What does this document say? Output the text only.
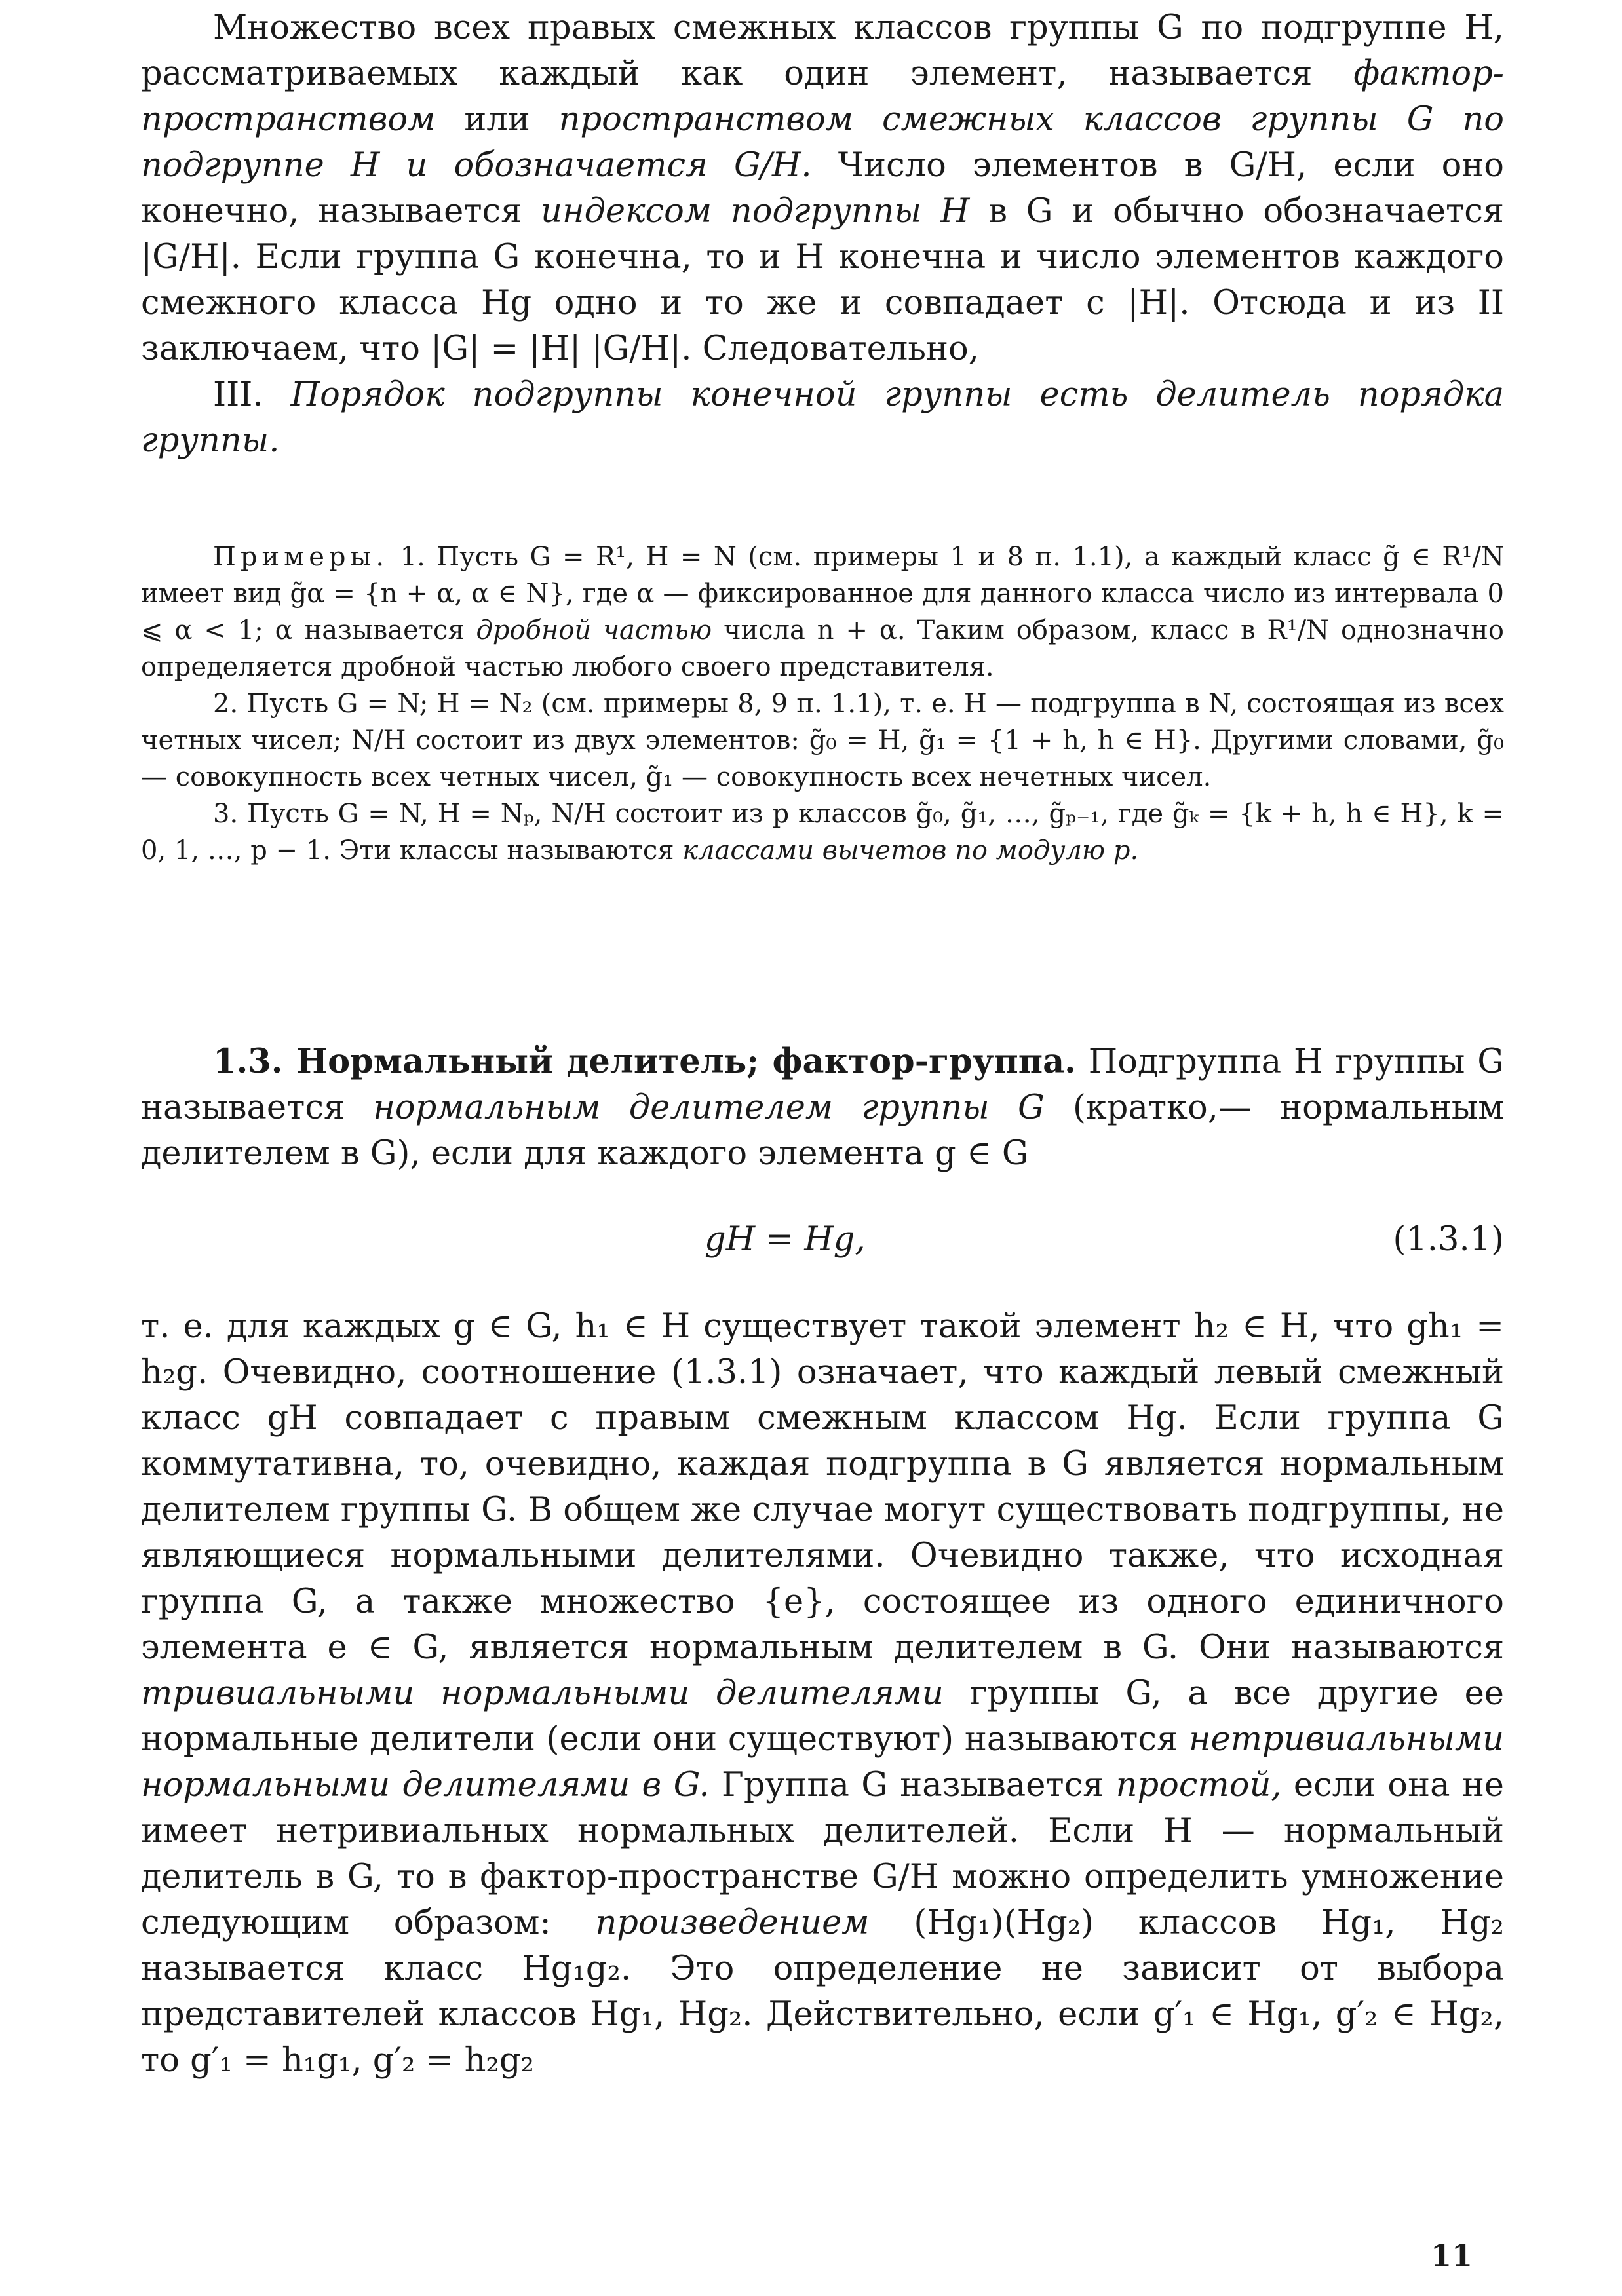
Множество всех правых смежных классов группы G по подгруппе H, рассматриваемых каждый как один элемент, называется фактор-пространством или пространством смежных классов группы G по подгруппе H и обозначается G/H. Число элементов в G/H, если оно конечно, называется индексом подгруппы H в G и обычно обозначается |G/H|. Если группа G конечна, то и H конечна и число элементов каждого смежного класса Hg одно и то же и совпадает с |H|. Отсюда и из II заключаем, что |G| = |H| |G/H|. Следовательно,

III. Порядок подгруппы конечной группы есть делитель порядка группы.

Примеры. 1. Пусть G = R¹, H = N (см. примеры 1 и 8 п. 1.1), а каждый класс g̃ ∈ R¹/N имеет вид g̃α = {n + α, α ∈ N}, где α — фиксированное для данного класса число из интервала 0 ⩽ α < 1; α называется дробной частью числа n + α. Таким образом, класс в R¹/N однозначно определяется дробной частью любого своего представителя.

2. Пусть G = N; H = N₂ (см. примеры 8, 9 п. 1.1), т. е. H — подгруппа в N, состоящая из всех четных чисел; N/H состоит из двух элементов: g̃₀ = H, g̃₁ = {1 + h, h ∈ H}. Другими словами, g̃₀ — совокупность всех четных чисел, g̃₁ — совокупность всех нечетных чисел.

3. Пусть G = N, H = Nₚ, N/H состоит из p классов g̃₀, g̃₁, …, g̃ₚ₋₁, где g̃ₖ = {k + h, h ∈ H}, k = 0, 1, …, p − 1. Эти классы называются классами вычетов по модулю p.

1.3. Нормальный делитель; фактор-группа. Подгруппа H группы G называется нормальным делителем группы G (кратко,— нормальным делителем в G), если для каждого элемента g ∈ G

gH = Hg,	(1.3.1)

т. е. для каждых g ∈ G, h₁ ∈ H существует такой элемент h₂ ∈ H, что gh₁ = h₂g. Очевидно, соотношение (1.3.1) означает, что каждый левый смежный класс gH совпадает с правым смежным классом Hg. Если группа G коммутативна, то, очевидно, каждая подгруппа в G является нормальным делителем группы G. В общем же случае могут существовать подгруппы, не являющиеся нормальными делителями. Очевидно также, что исходная группа G, а также множество {e}, состоящее из одного единичного элемента e ∈ G, является нормальным делителем в G. Они называются тривиальными нормальными делителями группы G, а все другие ее нормальные делители (если они существуют) называются нетривиальными нормальными делителями в G. Группа G называется простой, если она не имеет нетривиальных нормальных делителей. Если H — нормальный делитель в G, то в фактор-пространстве G/H можно определить умножение следующим образом: произведением (Hg₁)(Hg₂) классов Hg₁, Hg₂ называется класс Hg₁g₂. Это определение не зависит от выбора представителей классов Hg₁, Hg₂. Действительно, если g′₁ ∈ Hg₁, g′₂ ∈ Hg₂, то g′₁ = h₁g₁, g′₂ = h₂g₂

11
